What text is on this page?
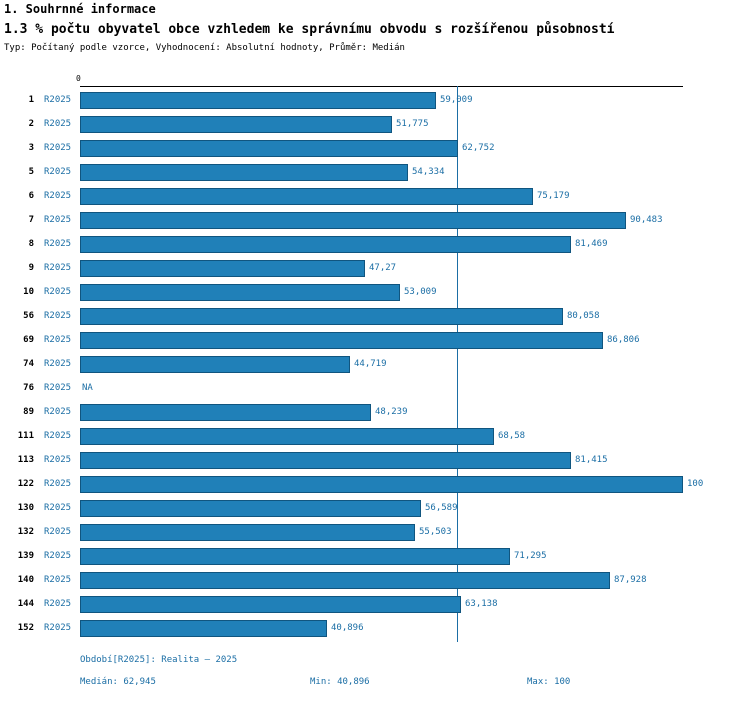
1. Souhrnné informace
1.3 % počtu obyvatel obce vzhledem ke správnímu obvodu s rozšířenou působností
Typ: Počítaný podle vzorce, Vyhodnocení: Absolutní hodnoty, Průměr: Medián
0
1 R2025	59,009
2 R2025	51,775
3 R2025	62,752
5 R2025	54,334
6 R2025	75,179
7 R2025	90,483
8 R2025	81,469
9 R2025	47,27
10 R2025	53,009
56 R2025	80,058
69 R2025	86,806
74 R2025	44,719
76 R2025 NA
89 R2025	48,239
111 R2025	68,58
113 R2025	81,415
122 R2025	100
130 R2025	56,589
132 R2025	55,503
139 R2025	71,295
140 R2025	87,928
144 R2025	63,138
152 R2025	40,896
Období[R2025]: Realita – 2025
Medián: 62,945	Min: 40,896	Max: 100
